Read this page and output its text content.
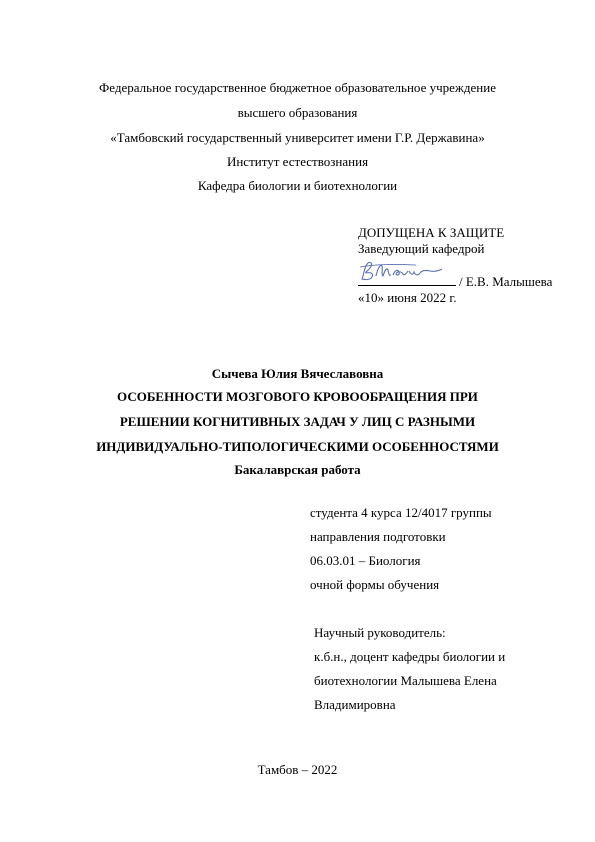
Федеральное государственное бюджетное образовательное учреждение
высшего образования
«Тамбовский государственный университет имени Г.Р. Державина»
Институт естествознания
Кафедра биологии и биотехнологии
ДОПУЩЕНА К ЗАЩИТЕ
Заведующий кафедрой
/ Е.В. Малышева
«10» июня 2022 г.
Сычева Юлия Вячеславовна
ОСОБЕННОСТИ МОЗГОВОГО КРОВООБРАЩЕНИЯ ПРИ
РЕШЕНИИ КОГНИТИВНЫХ ЗАДАЧ У ЛИЦ С РАЗНЫМИ
ИНДИВИДУАЛЬНО-ТИПОЛОГИЧЕСКИМИ ОСОБЕННОСТЯМИ
Бакалаврская работа
студента 4 курса 12/4017 группы
направления подготовки
06.03.01 – Биология
очной формы обучения
Научный руководитель:
к.б.н., доцент кафедры биологии и
биотехнологии Малышева Елена
Владимировна
Тамбов – 2022
